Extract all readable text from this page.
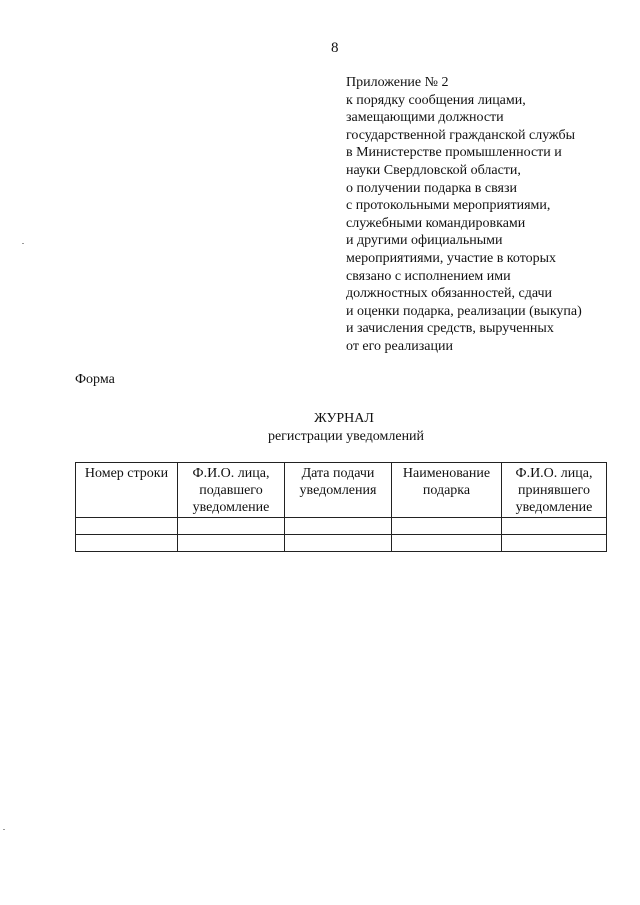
8
Приложение № 2
к порядку сообщения лицами,
замещающими должности
государственной гражданской службы
в Министерстве промышленности и
науки Свердловской области,
о получении подарка в связи
с протокольными мероприятиями,
служебными командировками
и другими официальными
мероприятиями, участие в которых
связано с исполнением ими
должностных обязанностей, сдачи
и оценки подарка, реализации (выкупа)
и зачисления средств, вырученных
от его реализации
Форма
ЖУРНАЛ
регистрации уведомлений
Номер строки	Ф.И.О. лица, подавшего уведомление	Дата подачи уведомления	Наименование подарка	Ф.И.О. лица, принявшего уведомление
